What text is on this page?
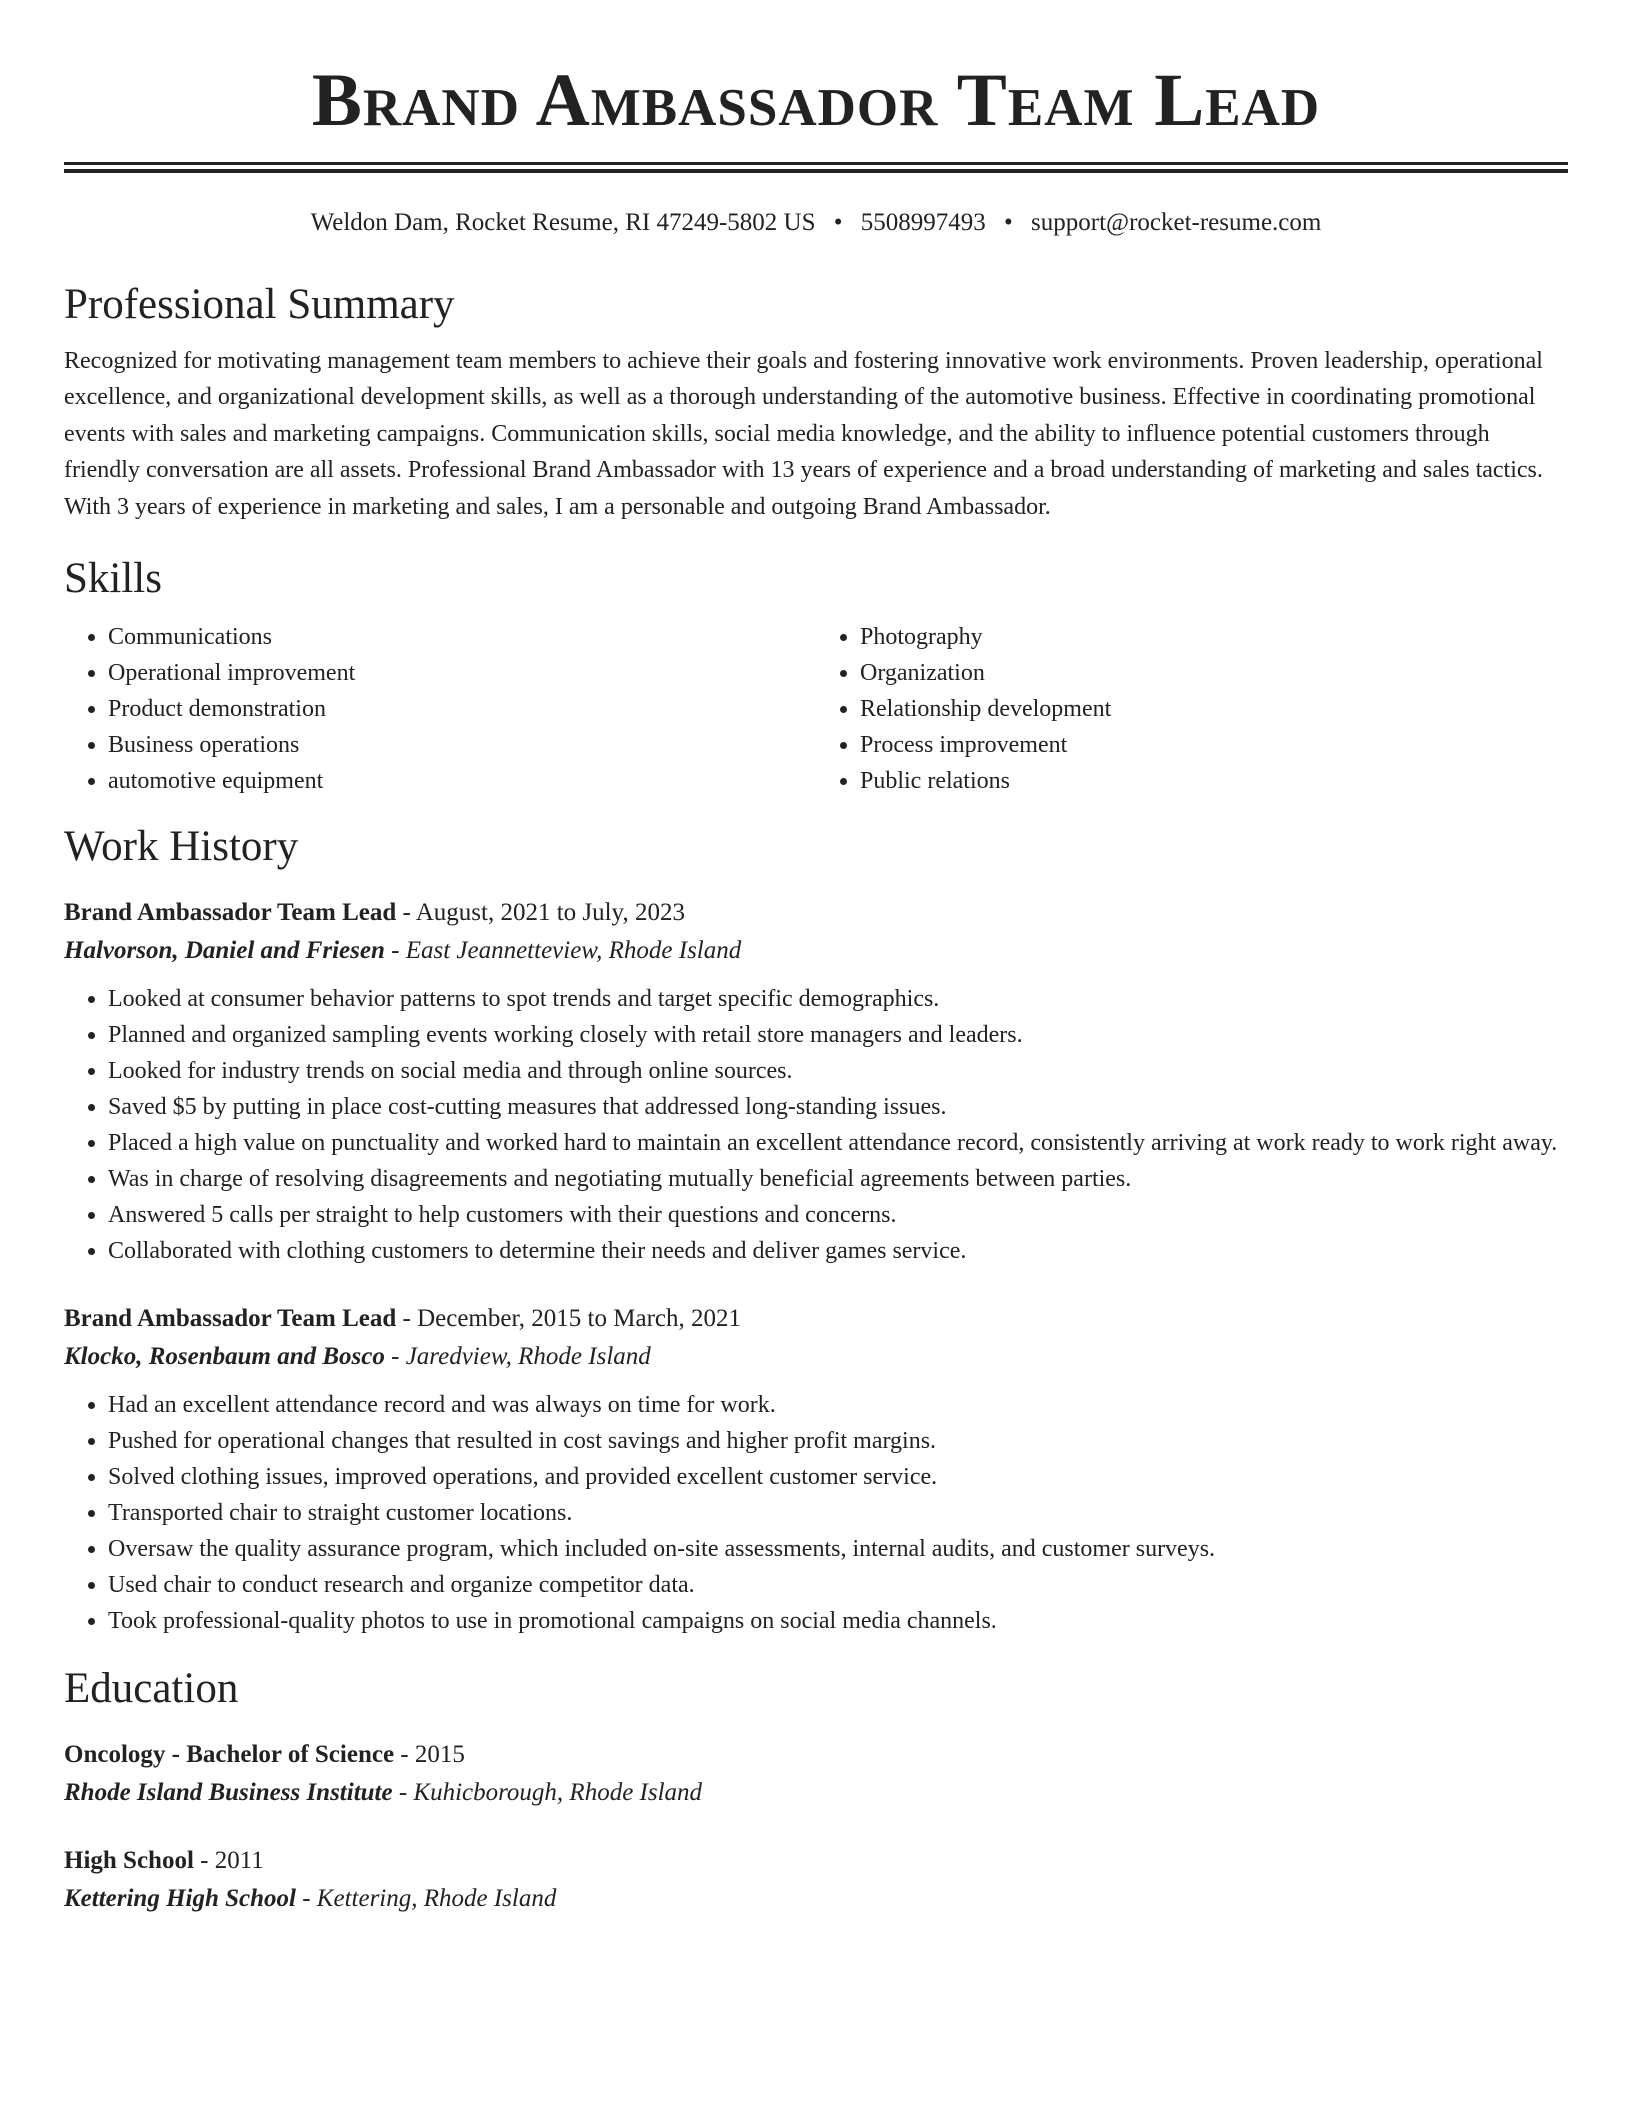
Brand Ambassador Team Lead
Weldon Dam, Rocket Resume, RI 47249-5802 US • 5508997493 • support@rocket-resume.com
Professional Summary

Recognized for motivating management team members to achieve their goals and fostering innovative work environments. Proven leadership, operational excellence, and organizational development skills, as well as a thorough understanding of the automotive business. Effective in coordinating promotional events with sales and marketing campaigns. Communication skills, social media knowledge, and the ability to influence potential customers through friendly conversation are all assets. Professional Brand Ambassador with 13 years of experience and a broad understanding of marketing and sales tactics. With 3 years of experience in marketing and sales, I am a personable and outgoing Brand Ambassador.

Skills
• Communications
• Operational improvement
• Product demonstration
• Business operations
• automotive equipment
• Photography
• Organization
• Relationship development
• Process improvement
• Public relations
Work History
Brand Ambassador Team Lead - August, 2021 to July, 2023
Halvorson, Daniel and Friesen - East Jeannetteview, Rhode Island
• Looked at consumer behavior patterns to spot trends and target specific demographics.
• Planned and organized sampling events working closely with retail store managers and leaders.
• Looked for industry trends on social media and through online sources.
• Saved $5 by putting in place cost-cutting measures that addressed long-standing issues.
• Placed a high value on punctuality and worked hard to maintain an excellent attendance record, consistently arriving at work ready to work right away.
• Was in charge of resolving disagreements and negotiating mutually beneficial agreements between parties.
• Answered 5 calls per straight to help customers with their questions and concerns.
• Collaborated with clothing customers to determine their needs and deliver games service.
Brand Ambassador Team Lead - December, 2015 to March, 2021
Klocko, Rosenbaum and Bosco - Jaredview, Rhode Island
• Had an excellent attendance record and was always on time for work.
• Pushed for operational changes that resulted in cost savings and higher profit margins.
• Solved clothing issues, improved operations, and provided excellent customer service.
• Transported chair to straight customer locations.
• Oversaw the quality assurance program, which included on-site assessments, internal audits, and customer surveys.
• Used chair to conduct research and organize competitor data.
• Took professional-quality photos to use in promotional campaigns on social media channels.
Education
Oncology - Bachelor of Science - 2015
Rhode Island Business Institute - Kuhicborough, Rhode Island
High School - 2011
Kettering High School - Kettering, Rhode Island
